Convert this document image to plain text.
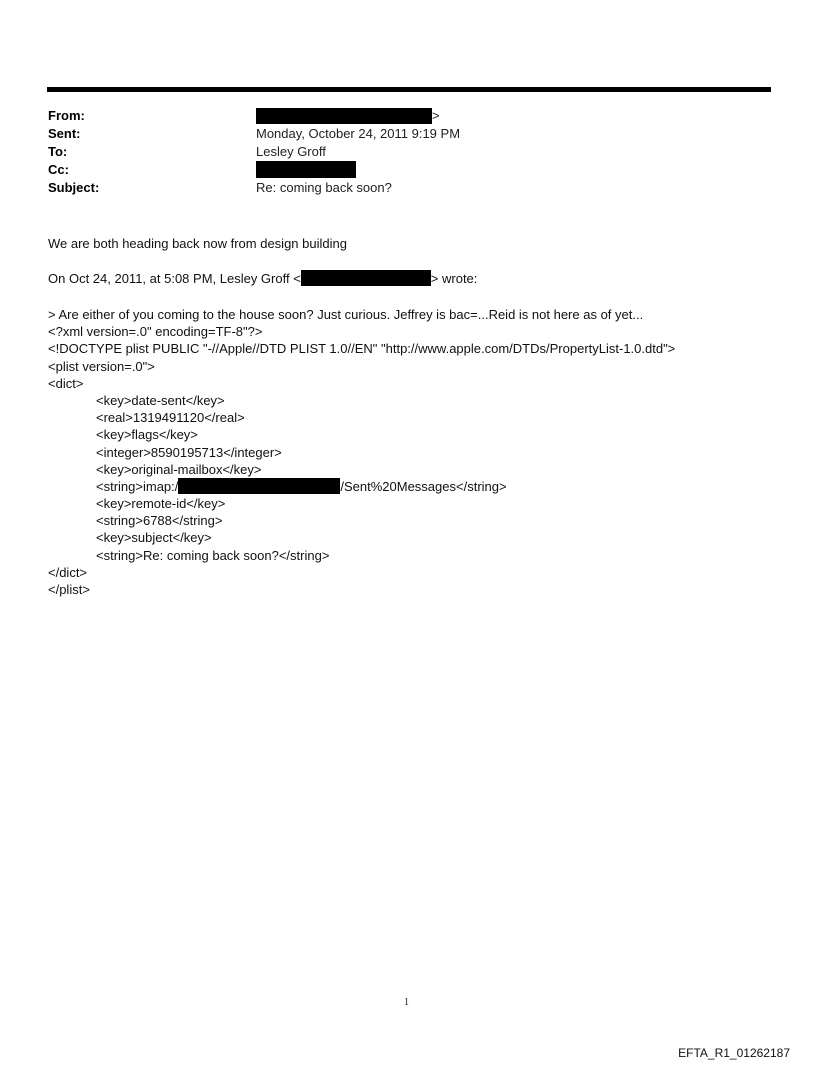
From:	>
Sent:	Monday, October 24, 2011 9:19 PM
To:	Lesley Groff
Cc:
Subject:	Re: coming back soon?
We are both heading back now from design building
On Oct 24, 2011, at 5:08 PM, Lesley Groff <	> wrote:
> Are either of you coming to the house soon? Just curious. Jeffrey is bac=...Reid is not here as of yet...
<?xml version=.0" encoding=TF-8"?>
<!DOCTYPE plist PUBLIC "-//Apple//DTD PLIST 1.0//EN" "http://www.apple.com/DTDs/PropertyList-1.0.dtd">
<plist version=.0">
<dict>
<key>date-sent</key>
<real>1319491120</real>
<key>flags</key>
<integer>8590195713</integer>
<key>original-mailbox</key>
<string>imap:/	/Sent%20Messages</string>
<key>remote-id</key>
<string>6788</string>
<key>subject</key>
<string>Re: coming back soon?</string>
</dict>
</plist>
1
EFTA_R1_01262187
